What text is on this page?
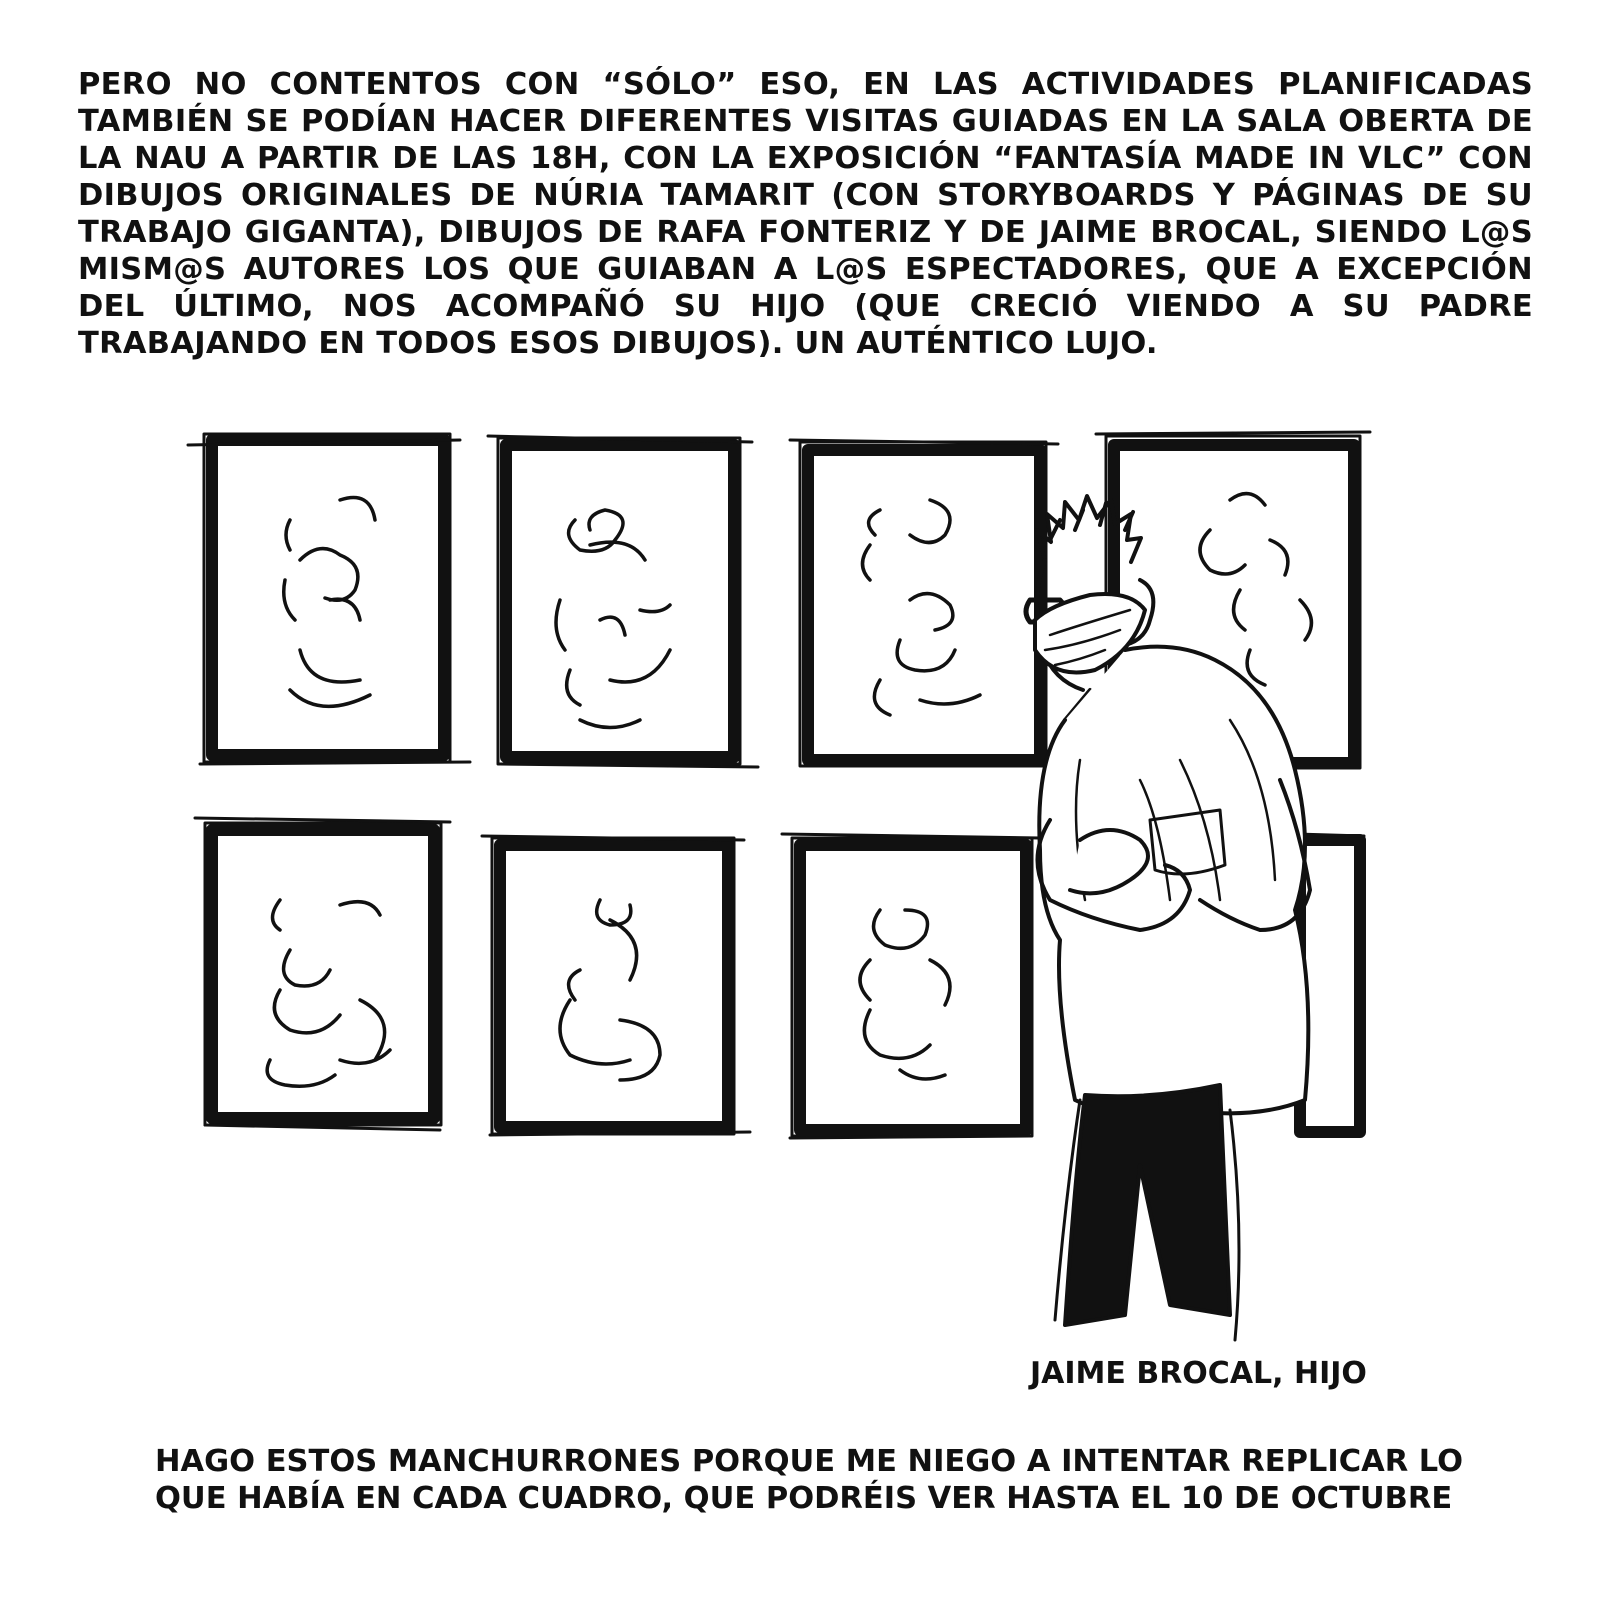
PERO NO CONTENTOS CON “SÓLO” ESO, EN LAS ACTIVIDADES PLANIFICADAS TAMBIÉN SE PODÍAN HACER DIFERENTES VISITAS GUIADAS EN LA SALA OBERTA DE LA NAU A PARTIR DE LAS 18H, CON LA EXPOSICIÓN “FANTASÍA MADE IN VLC” CON DIBUJOS ORIGINALES DE NÚRIA TAMARIT (CON STORYBOARDS Y PÁGINAS DE SU TRABAJO GIGANTA), DIBUJOS DE RAFA FONTERIZ Y DE JAIME BROCAL, SIENDO L@S MISM@S AUTORES LOS QUE GUIABAN A L@S ESPECTADORES, QUE A EXCEPCIÓN DEL ÚLTIMO, NOS ACOMPAÑÓ SU HIJO (QUE CRECIÓ VIENDO A SU PADRE TRABAJANDO EN TODOS ESOS DIBUJOS). UN AUTÉNTICO LUJO.

JAIME BROCAL, HIJO

HAGO ESTOS MANCHURRONES PORQUE ME NIEGO A INTENTAR REPLICAR LO QUE HABÍA EN CADA CUADRO, QUE PODRÉIS VER HASTA EL 10 DE OCTUBRE
